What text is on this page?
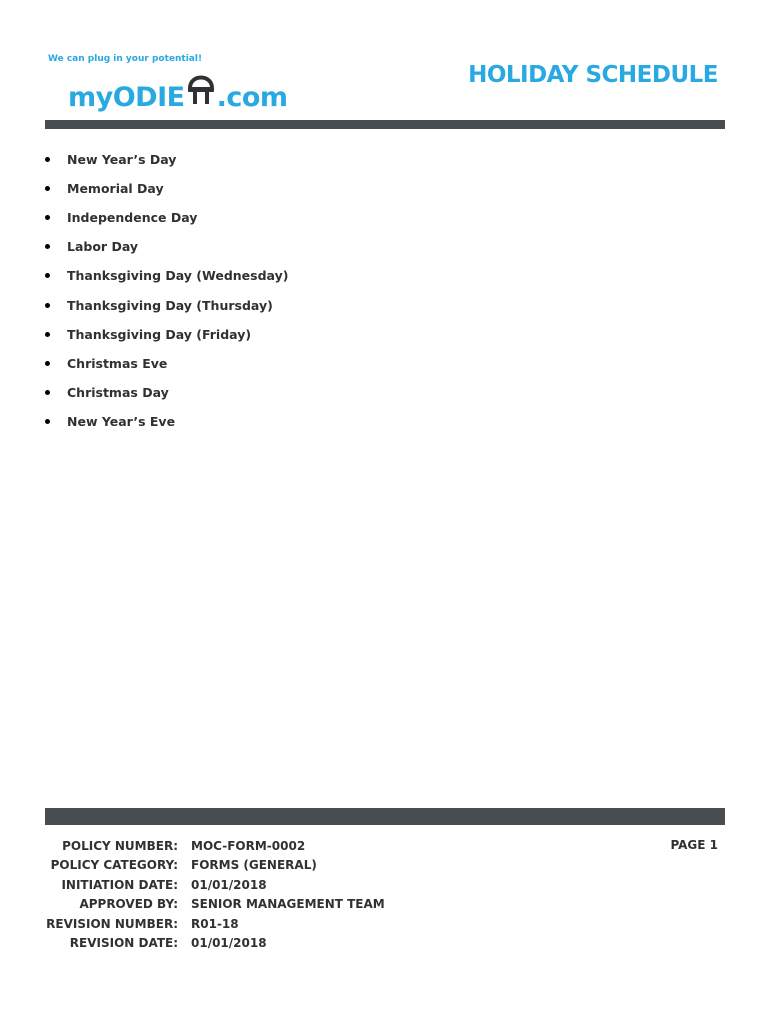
We can plug in your potential!
my ODIE .com
HOLIDAY SCHEDULE
New Year’s Day
Memorial Day
Independence Day
Labor Day
Thanksgiving Day (Wednesday)
Thanksgiving Day (Thursday)
Thanksgiving Day (Friday)
Christmas Eve
Christmas Day
New Year’s Eve
POLICY NUMBER:	MOC-FORM-0002
POLICY CATEGORY:	FORMS (GENERAL)
INITIATION DATE:	01/01/2018
APPROVED BY:	SENIOR MANAGEMENT TEAM
REVISION NUMBER:	R01-18
REVISION DATE:	01/01/2018
PAGE 1
